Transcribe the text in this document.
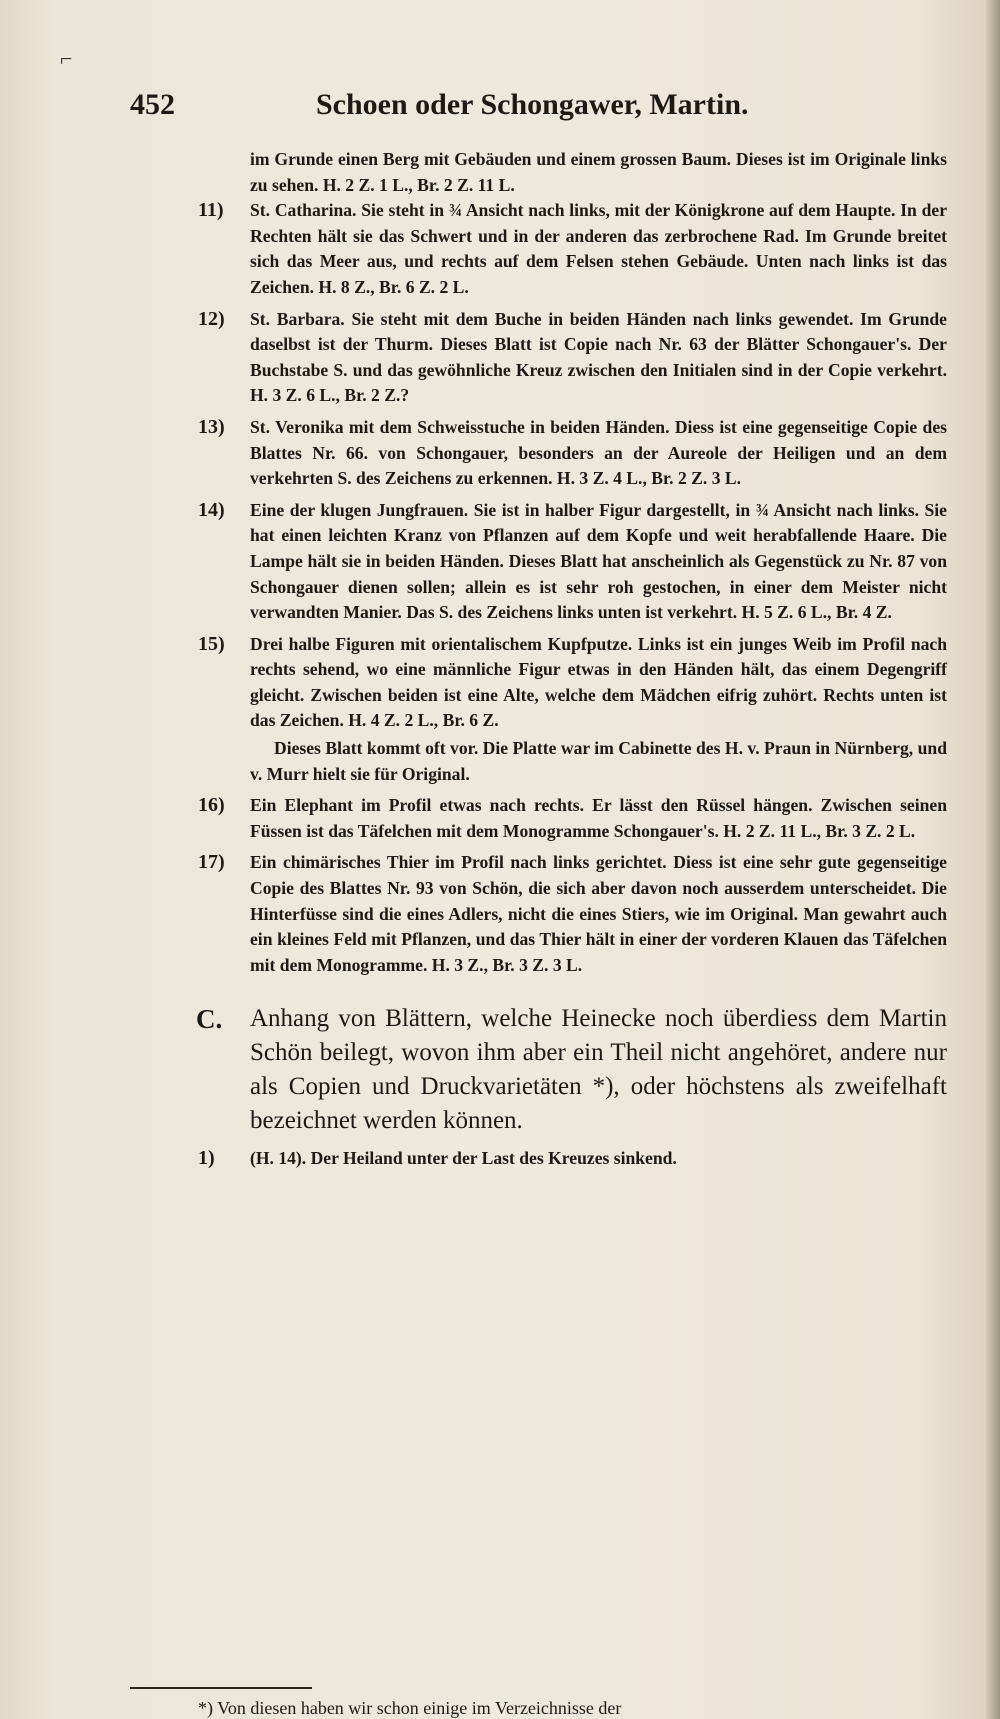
⌐
452	Schoen oder Schongawer, Martin.

im Grunde einen Berg mit Gebäuden und einem grossen Baum. Dieses ist im Originale links zu sehen. H. 2 Z. 1 L., Br. 2 Z. 11 L.

11)	St. Catharina. Sie steht in ¾ Ansicht nach links, mit der Königkrone auf dem Haupte. In der Rechten hält sie das Schwert und in der anderen das zerbrochene Rad. Im Grunde breitet sich das Meer aus, und rechts auf dem Felsen stehen Gebäude. Unten nach links ist das Zeichen. H. 8 Z., Br. 6 Z. 2 L.

12)	St. Barbara. Sie steht mit dem Buche in beiden Händen nach links gewendet. Im Grunde daselbst ist der Thurm. Dieses Blatt ist Copie nach Nr. 63 der Blätter Schongauer's. Der Buchstabe S. und das gewöhnliche Kreuz zwischen den Initialen sind in der Copie verkehrt. H. 3 Z. 6 L., Br. 2 Z.?

13)	St. Veronika mit dem Schweisstuche in beiden Händen. Diess ist eine gegenseitige Copie des Blattes Nr. 66. von Schongauer, besonders an der Aureole der Heiligen und an dem verkehrten S. des Zeichens zu erkennen. H. 3 Z. 4 L., Br. 2 Z. 3 L.

14)	Eine der klugen Jungfrauen. Sie ist in halber Figur dargestellt, in ¾ Ansicht nach links. Sie hat einen leichten Kranz von Pflanzen auf dem Kopfe und weit herabfallende Haare. Die Lampe hält sie in beiden Händen. Dieses Blatt hat anscheinlich als Gegenstück zu Nr. 87 von Schongauer dienen sollen; allein es ist sehr roh gestochen, in einer dem Meister nicht verwandten Manier. Das S. des Zeichens links unten ist verkehrt. H. 5 Z. 6 L., Br. 4 Z.

15)	Drei halbe Figuren mit orientalischem Kupfputze. Links ist ein junges Weib im Profil nach rechts sehend, wo eine männliche Figur etwas in den Händen hält, das einem Degengriff gleicht. Zwischen beiden ist eine Alte, welche dem Mädchen eifrig zuhört. Rechts unten ist das Zeichen. H. 4 Z. 2 L., Br. 6 Z.

Dieses Blatt kommt oft vor. Die Platte war im Cabinette des H. v. Praun in Nürnberg, und v. Murr hielt sie für Original.

16)	Ein Elephant im Profil etwas nach rechts. Er lässt den Rüssel hängen. Zwischen seinen Füssen ist das Täfelchen mit dem Monogramme Schongauer's. H. 2 Z. 11 L., Br. 3 Z. 2 L.

17)	Ein chimärisches Thier im Profil nach links gerichtet. Diess ist eine sehr gute gegenseitige Copie des Blattes Nr. 93 von Schön, die sich aber davon noch ausserdem unterscheidet. Die Hinterfüsse sind die eines Adlers, nicht die eines Stiers, wie im Original. Man gewahrt auch ein kleines Feld mit Pflanzen, und das Thier hält in einer der vorderen Klauen das Täfelchen mit dem Monogramme. H. 3 Z., Br. 3 Z. 3 L.

C. Anhang von Blättern, welche Heinecke noch überdiess dem Martin Schön beilegt, wovon ihm aber ein Theil nicht angehöret, andere nur als Copien und Druckvarietäten *), oder höchstens als zweifelhaft bezeichnet werden können.
1)	(H. 14). Der Heiland unter der Last des Kreuzes sinkend.

*) Von diesen haben wir schon einige im Verzeichnisse der
